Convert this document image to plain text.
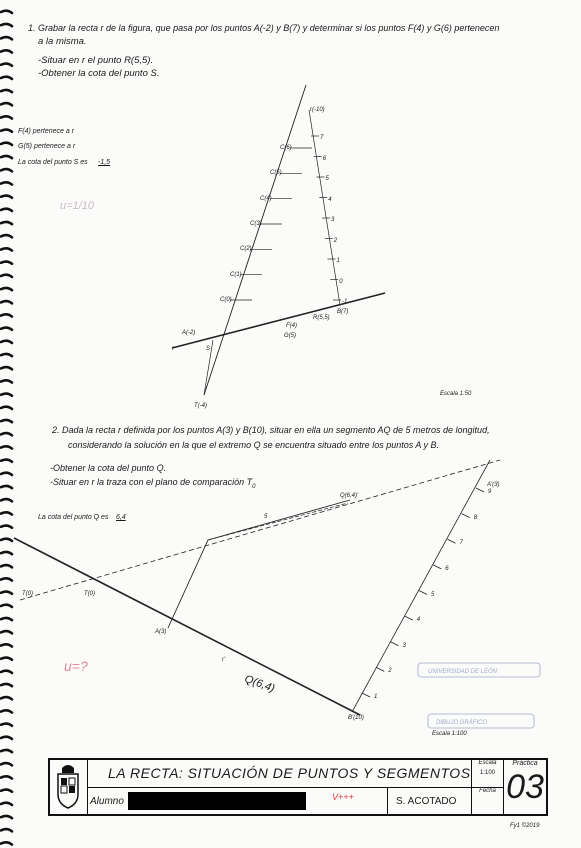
1. Grabar la recta r de la figura, que pasa por los puntos A(-2) y B(7) y determinar si los puntos F(4) y G(6) pertenecen
a la misma.
-Situar en r el punto R(5,5).
-Obtener la cota del punto S.
F(4) pertenece a r
G(5) pertenece a r
La cota del punto S es -1,5
u=1/10
2. Dada la recta r definida por los puntos A(3) y B(10), situar en ella un segmento AQ de 5 metros de longitud,
considerando la solución en la que el extremo Q se encuentra situado entre los puntos A y B.
-Obtener la cota del punto Q.
-Situar en r la traza con el plano de comparación $T_0$
La cota del punto Q es 6,4
u=?
r(-10)
A(-2)
B(7)
F(4)
G(5)
R(5,5)
S
r
T(-4)
Escala 1:50
C(0)
C(1)
C(2)
C(3)
C(4)
C(5)
C(6)
-1
0
1
2
3
4
5
6
7
A(3)
B'(10)
Q(6,4)
Q(6,4)'
T(0)	T(0)
r'
5
A'(3)
UNIVERSIDAD DE LEÓN
DIBUJO GRÁFICO
Escala 1:100
1
2
3
4
5
6
7
8
9
LA RECTA: SITUACIÓN DE PUNTOS Y SEGMENTOS
Escala
1:100
Práctica
03
Alumno	V+++	S. ACOTADO
Fecha
Fy1 ©2019
